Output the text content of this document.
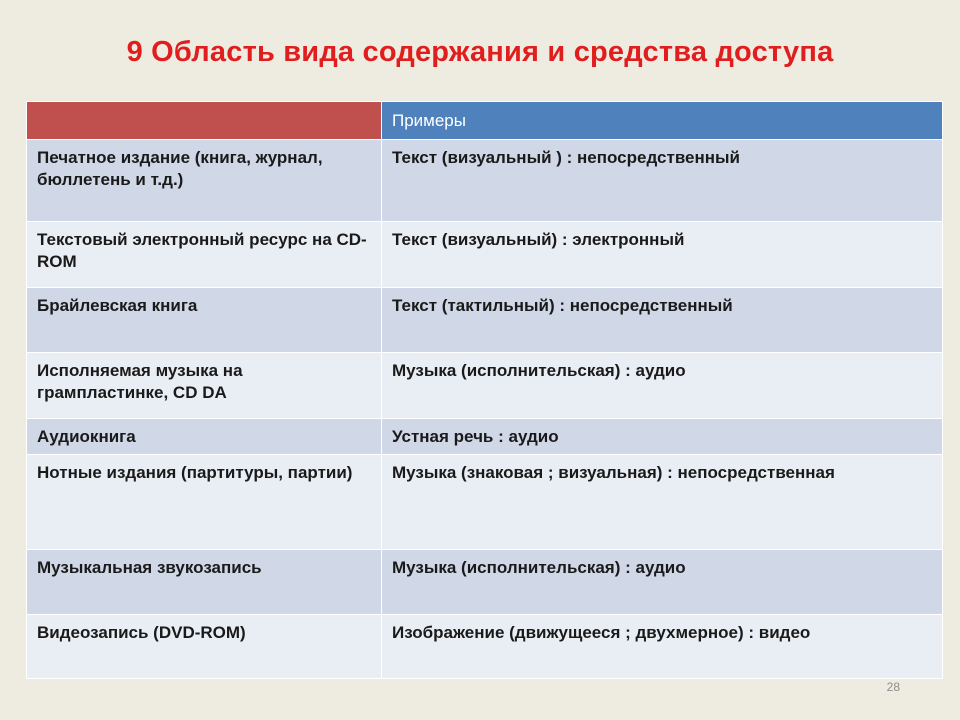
9 Область вида содержания и средства доступа
	Примеры
Печатное издание (книга, журнал, бюллетень и т.д.)	Текст (визуальный ) : непосредственный
Текстовый электронный ресурс на CD-ROM	Текст (визуальный) : электронный
Брайлевская книга	Текст (тактильный) : непосредственный
Исполняемая музыка на грампластинке, CD DA	Музыка (исполнительская) : аудио
Аудиокнига	Устная речь : аудио
Нотные издания (партитуры, партии)	Музыка (знаковая ; визуальная) : непосредственная
Музыкальная звукозапись	Музыка (исполнительская) : аудио
Видеозапись (DVD-ROM)	Изображение (движущееся ; двухмерное) : видео
28
